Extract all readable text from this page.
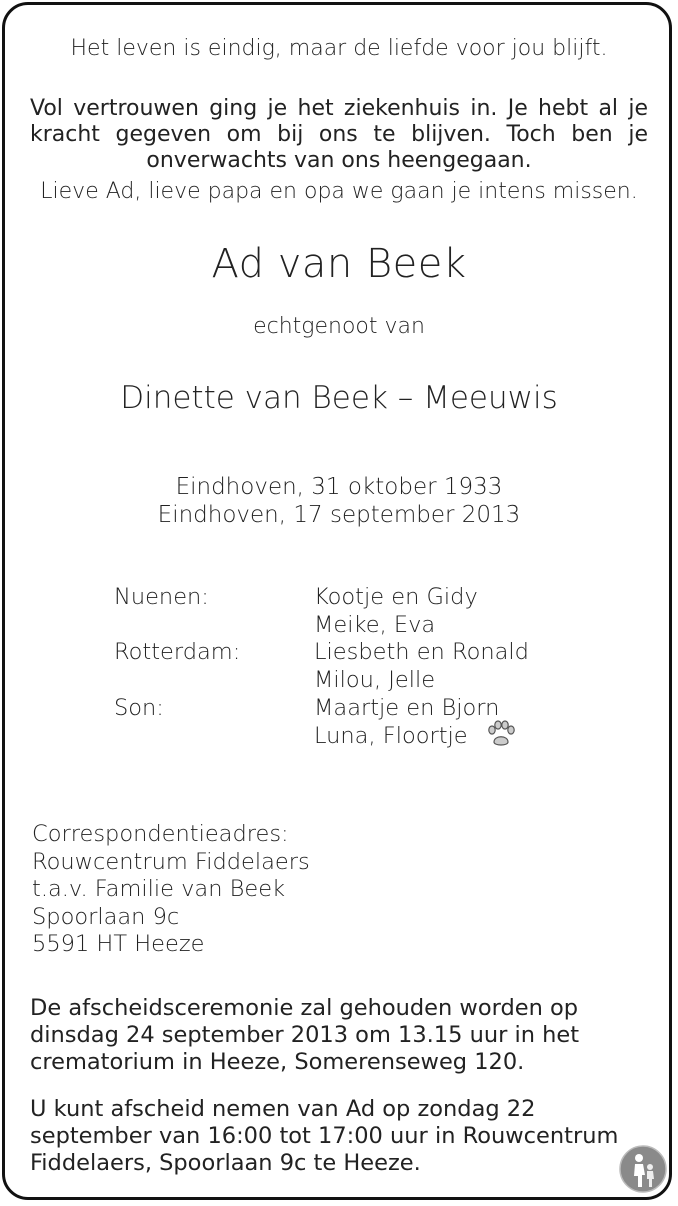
Het leven is eindig, maar de liefde voor jou blijft.
Vol vertrouwen ging je het ziekenhuis in. Je hebt al je kracht gegeven om bij ons te blijven. Toch ben je onverwachts van ons heengegaan.
Lieve Ad, lieve papa en opa we gaan je intens missen.
Ad van Beek
echtgenoot van
Dinette van Beek – Meeuwis
Eindhoven, 31 oktober 1933
Eindhoven, 17 september 2013
Nuenen:	Kootje en Gidy
Meike, Eva
Rotterdam:	Liesbeth en Ronald
Milou, Jelle
Son:	Maartje en Bjorn
Luna, Floortje
Correspondentieadres:
Rouwcentrum Fiddelaers
t.a.v. Familie van Beek
Spoorlaan 9c
5591 HT Heeze
De afscheidsceremonie zal gehouden worden op dinsdag 24 september 2013 om 13.15 uur in het crematorium in Heeze, Somerenseweg 120.
U kunt afscheid nemen van Ad op zondag 22 september van 16:00 tot 17:00 uur in Rouwcentrum Fiddelaers, Spoorlaan 9c te Heeze.
